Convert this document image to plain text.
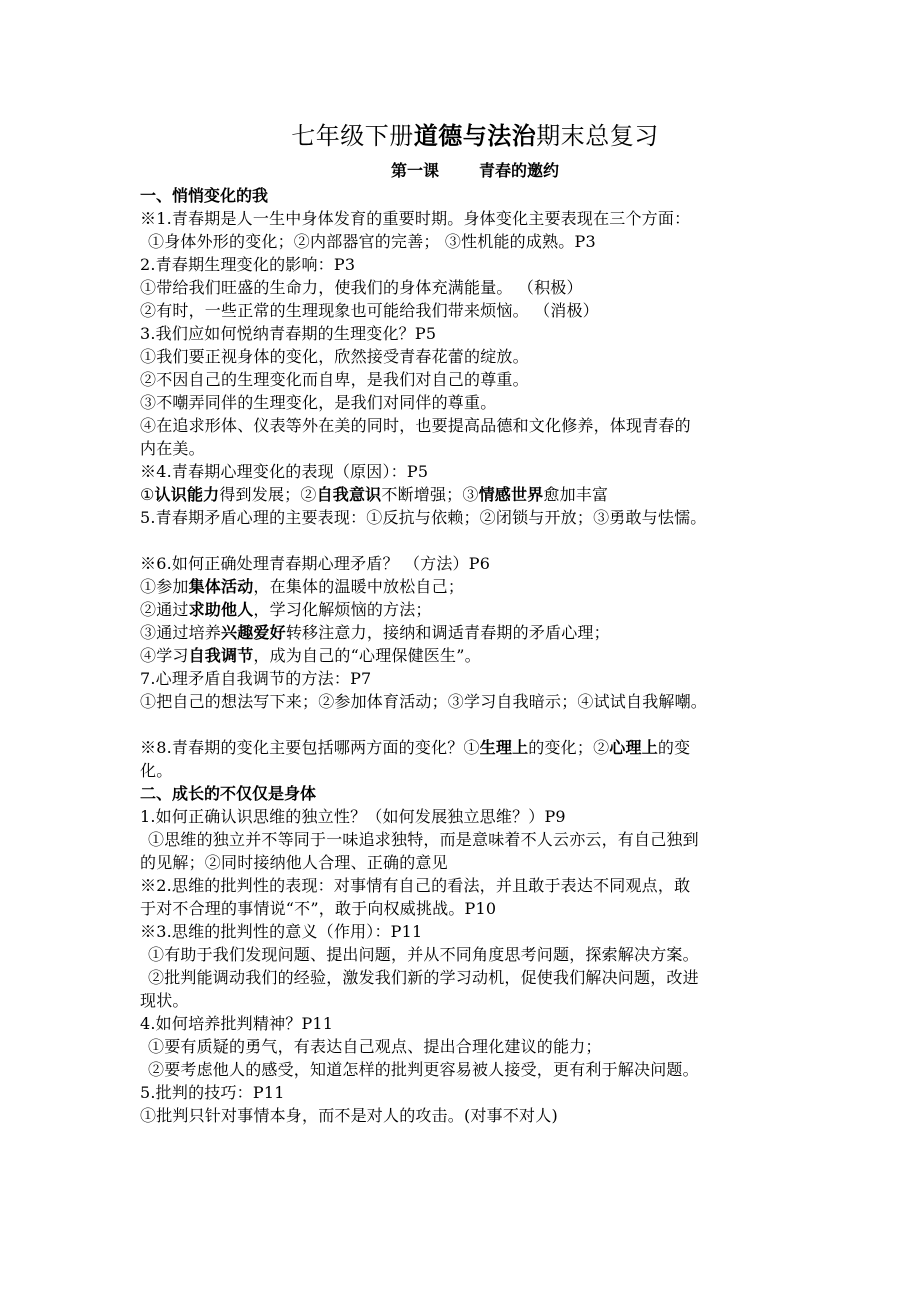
七年级下册道德与法治期末总复习

第一课	青春的邀约

一、悄悄变化的我

※1.青春期是人一生中身体发育的重要时期。身体变化主要表现在三个方面：

①身体外形的变化；②内部器官的完善； ③性机能的成熟。P3

2.青春期生理变化的影响：P3

①带给我们旺盛的生命力，使我们的身体充满能量。 （积极）

②有时，一些正常的生理现象也可能给我们带来烦恼。 （消极）

3.我们应如何悦纳青春期的生理变化？P5

①我们要正视身体的变化，欣然接受青春花蕾的绽放。

②不因自己的生理变化而自卑，是我们对自己的尊重。

③不嘲弄同伴的生理变化，是我们对同伴的尊重。

④在追求形体、仪表等外在美的同时，也要提高品德和文化修养，体现青春的

内在美。

※4.青春期心理变化的表现（原因）：P5

①认识能力得到发展；②自我意识不断增强；③情感世界愈加丰富

5.青春期矛盾心理的主要表现：①反抗与依赖；②闭锁与开放；③勇敢与怯懦。

※6.如何正确处理青春期心理矛盾？ （方法）P6

①参加集体活动，在集体的温暖中放松自己；

②通过求助他人，学习化解烦恼的方法；

③通过培养兴趣爱好转移注意力，接纳和调适青春期的矛盾心理；

④学习自我调节，成为自己的“心理保健医生”。

7.心理矛盾自我调节的方法：P7

①把自己的想法写下来；②参加体育活动；③学习自我暗示；④试试自我解嘲。

※8.青春期的变化主要包括哪两方面的变化？①生理上的变化；②心理上的变

化。

二、成长的不仅仅是身体

1.如何正确认识思维的独立性？（如何发展独立思维？）P9

①思维的独立并不等同于一味追求独特，而是意味着不人云亦云，有自己独到

的见解；②同时接纳他人合理、正确的意见

※2.思维的批判性的表现：对事情有自己的看法，并且敢于表达不同观点，敢

于对不合理的事情说“不”，敢于向权威挑战。P10

※3.思维的批判性的意义（作用）：P11

①有助于我们发现问题、提出问题，并从不同角度思考问题，探索解决方案。

②批判能调动我们的经验，激发我们新的学习动机，促使我们解决问题，改进

现状。

4.如何培养批判精神？P11

①要有质疑的勇气，有表达自己观点、提出合理化建议的能力；

②要考虑他人的感受，知道怎样的批判更容易被人接受，更有利于解决问题。

5.批判的技巧：P11

①批判只针对事情本身，而不是对人的攻击。(对事不对人)
